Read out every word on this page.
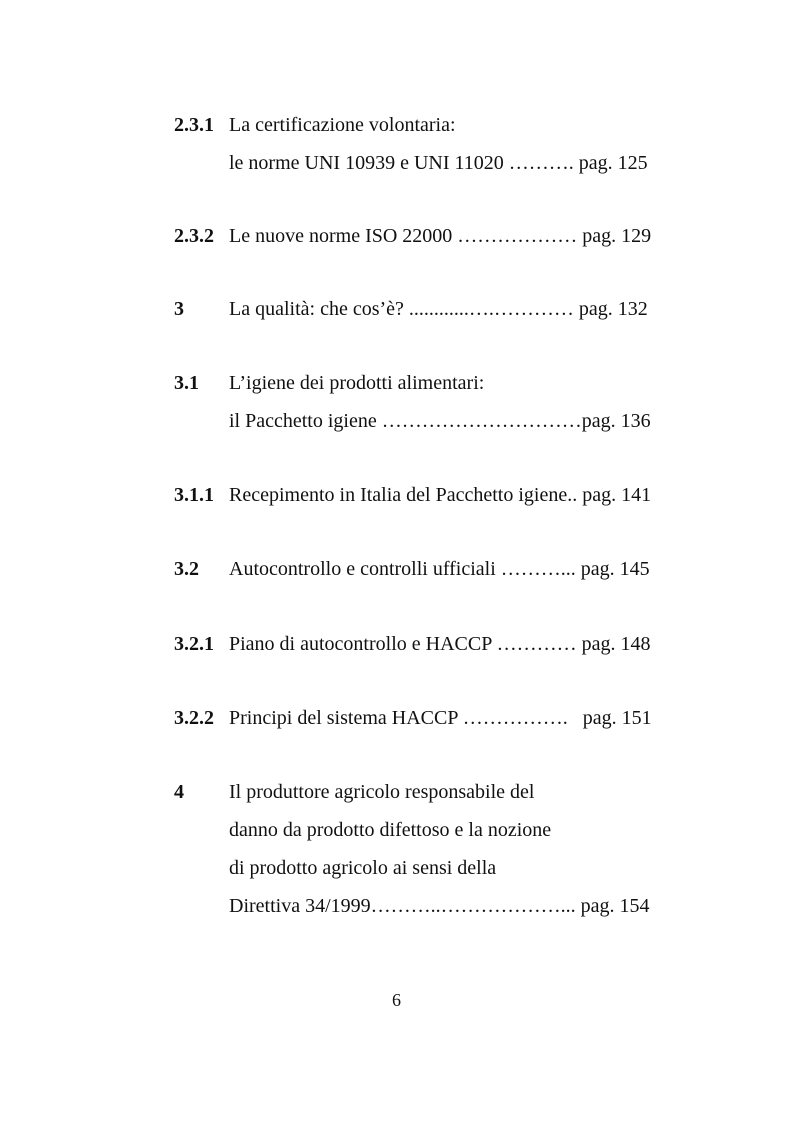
2.3.1 La certificazione volontaria:
le norme UNI 10939 e UNI 11020 ………. pag. 125
2.3.2 Le nuove norme ISO 22000 ……………… pag. 129
3 La qualità: che cos’è? ............….………… pag. 132
3.1 L’igiene dei prodotti alimentari:
il Pacchetto igiene …………………………pag. 136
3.1.1 Recepimento in Italia del Pacchetto igiene.. pag. 141
3.2 Autocontrollo e controlli ufficiali ………... pag. 145
3.2.1 Piano di autocontrollo e HACCP ………… pag. 148
3.2.2 Principi del sistema HACCP …………….   pag. 151
4 Il produttore agricolo responsabile del
danno da prodotto difettoso e la nozione
di prodotto agricolo ai sensi della
Direttiva 34/1999………..………………... pag. 154
6
